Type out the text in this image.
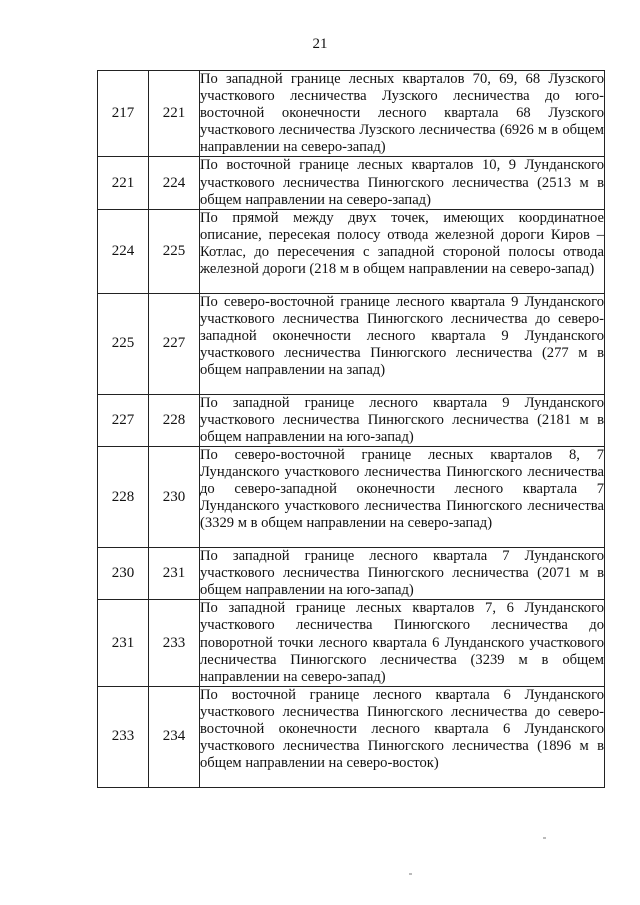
21
217	221	По западной границе лесных кварталов 70, 69, 68 Лузского участкового лесничества Лузского лесничества до юго-восточной оконечности лесного квартала 68 Лузского участкового лесничества Лузского лесничества (6926 м в общем направлении на северо-запад)
221	224	По восточной границе лесных кварталов 10, 9 Лунданского участкового лесничества Пинюгского лесничества (2513 м в общем направлении на северо-запад)
224	225	По прямой между двух точек, имеющих координатное описание, пересекая полосу отвода железной дороги Киров – Котлас, до пересечения с западной стороной полосы отвода железной дороги (218 м в общем направлении на северо-запад)
225	227	По северо-восточной границе лесного квартала 9 Лунданского участкового лесничества Пинюгского лесничества до северо-западной оконечности лесного квартала 9 Лунданского участкового лесничества Пинюгского лесничества (277 м в общем направлении на запад)
227	228	По западной границе лесного квартала 9 Лунданского участкового лесничества Пинюгского лесничества (2181 м в общем направлении на юго-запад)
228	230	По северо-восточной границе лесных кварталов 8, 7 Лунданского участкового лесничества Пинюгского лесничества до северо-западной оконечности лесного квартала 7 Лунданского участкового лесничества Пинюгского лесничества (3329 м в общем направлении на северо-запад)
230	231	По западной границе лесного квартала 7 Лунданского участкового лесничества Пинюгского лесничества (2071 м в общем направлении на юго-запад)
231	233	По западной границе лесных кварталов 7, 6 Лунданского участкового лесничества Пинюгского лесничества до поворотной точки лесного квартала 6 Лунданского участкового лесничества Пинюгского лесничества (3239 м в общем направлении на северо-запад)
233	234	По восточной границе лесного квартала 6 Лунданского участкового лесничества Пинюгского лесничества до северо-восточной оконечности лесного квартала 6 Лунданского участкового лесничества Пинюгского лесничества (1896 м в общем направлении на северо-восток)
